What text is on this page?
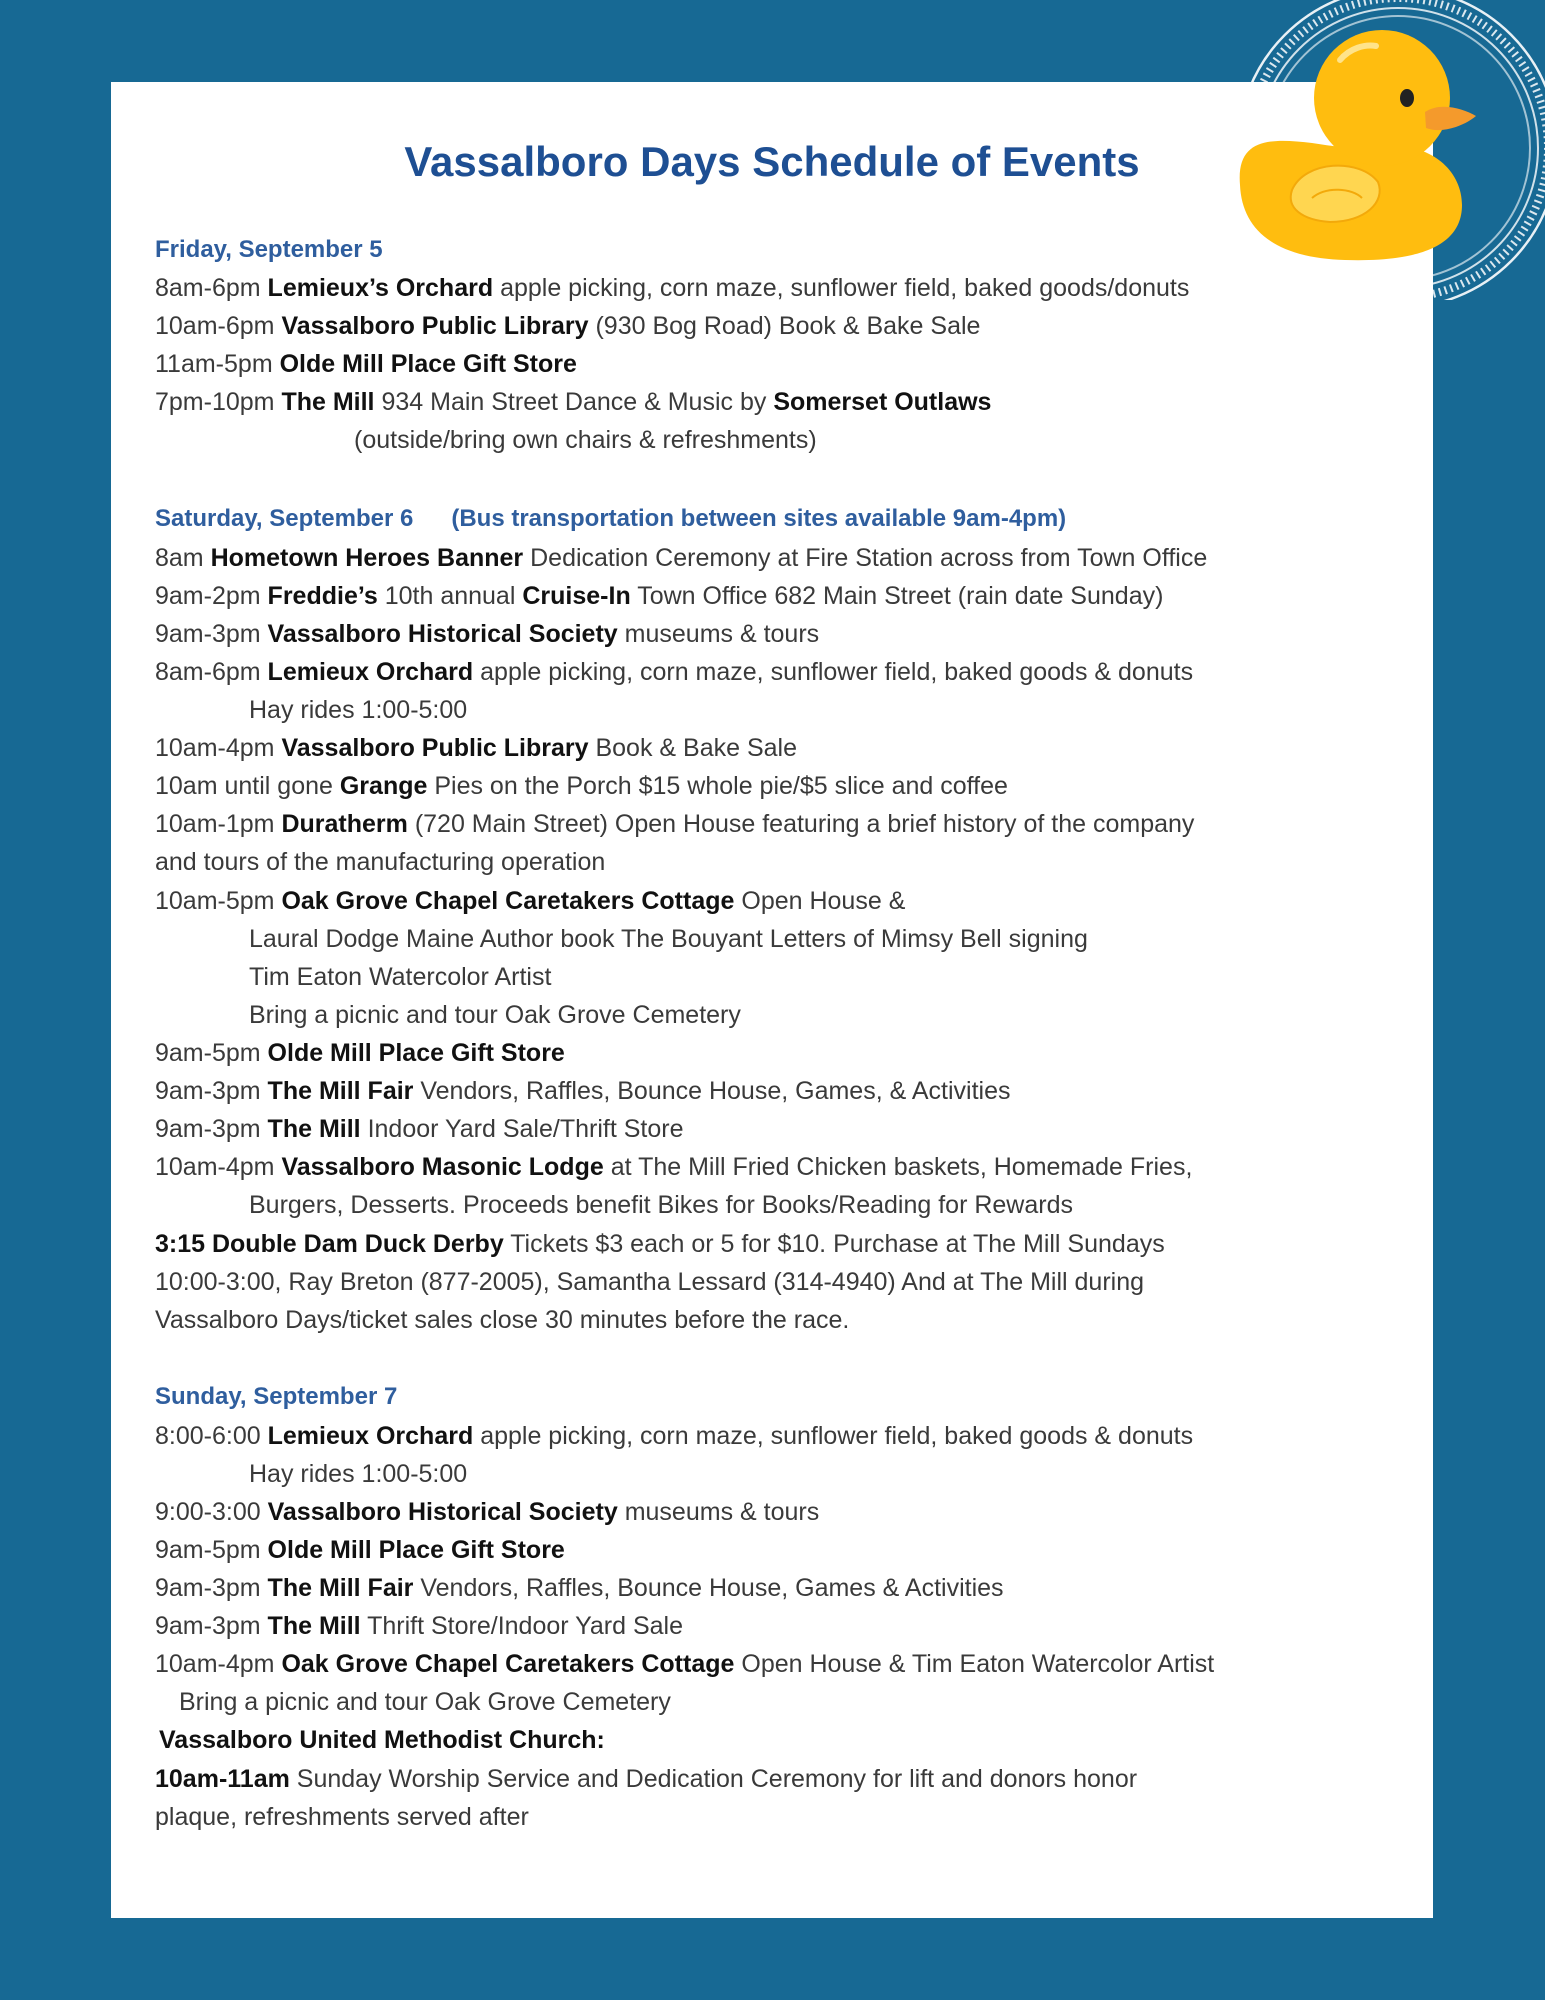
Vassalboro Days Schedule of Events
Friday, September 5
8am-6pm Lemieux’s Orchard apple picking, corn maze, sunflower field, baked goods/donuts
10am-6pm Vassalboro Public Library (930 Bog Road) Book & Bake Sale
11am-5pm Olde Mill Place Gift Store
7pm-10pm The Mill 934 Main Street Dance & Music by Somerset Outlaws
(outside/bring own chairs & refreshments)
Saturday, September 6 (Bus transportation between sites available 9am-4pm)
8am Hometown Heroes Banner Dedication Ceremony at Fire Station across from Town Office
9am-2pm Freddie’s 10th annual Cruise-In Town Office 682 Main Street (rain date Sunday)
9am-3pm Vassalboro Historical Society museums & tours
8am-6pm Lemieux Orchard apple picking, corn maze, sunflower field, baked goods & donuts
Hay rides 1:00-5:00
10am-4pm Vassalboro Public Library Book & Bake Sale
10am until gone Grange Pies on the Porch $15 whole pie/$5 slice and coffee
10am-1pm Duratherm (720 Main Street) Open House featuring a brief history of the company
and tours of the manufacturing operation
10am-5pm Oak Grove Chapel Caretakers Cottage Open House &
Laural Dodge Maine Author book The Bouyant Letters of Mimsy Bell signing
Tim Eaton Watercolor Artist
Bring a picnic and tour Oak Grove Cemetery
9am-5pm Olde Mill Place Gift Store
9am-3pm The Mill Fair Vendors, Raffles, Bounce House, Games, & Activities
9am-3pm The Mill Indoor Yard Sale/Thrift Store
10am-4pm Vassalboro Masonic Lodge at The Mill Fried Chicken baskets, Homemade Fries,
Burgers, Desserts. Proceeds benefit Bikes for Books/Reading for Rewards
3:15 Double Dam Duck Derby Tickets $3 each or 5 for $10. Purchase at The Mill Sundays
10:00-3:00, Ray Breton (877-2005), Samantha Lessard (314-4940) And at The Mill during
Vassalboro Days/ticket sales close 30 minutes before the race.
Sunday, September 7
8:00-6:00 Lemieux Orchard apple picking, corn maze, sunflower field, baked goods & donuts
Hay rides 1:00-5:00
9:00-3:00 Vassalboro Historical Society museums & tours
9am-5pm Olde Mill Place Gift Store
9am-3pm The Mill Fair Vendors, Raffles, Bounce House, Games & Activities
9am-3pm The Mill Thrift Store/Indoor Yard Sale
10am-4pm Oak Grove Chapel Caretakers Cottage Open House & Tim Eaton Watercolor Artist
Bring a picnic and tour Oak Grove Cemetery
Vassalboro United Methodist Church:
10am-11am Sunday Worship Service and Dedication Ceremony for lift and donors honor
plaque, refreshments served after
